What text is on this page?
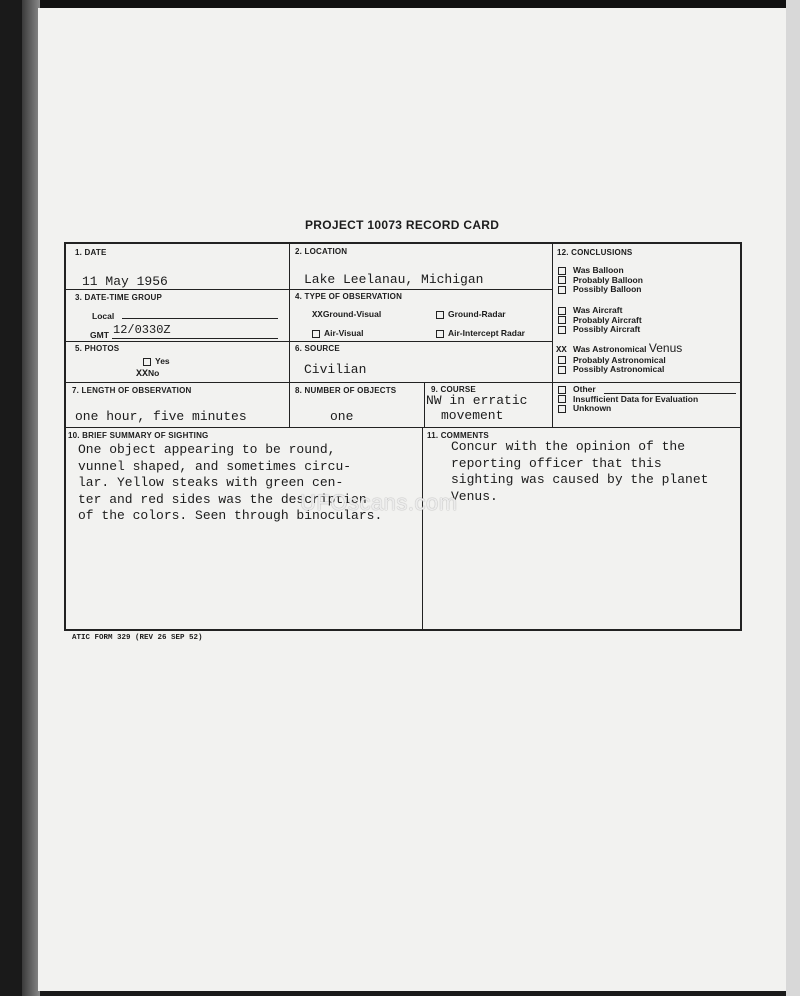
PROJECT 10073 RECORD CARD
1. DATE
11 May 1956
2. LOCATION
Lake Leelanau, Michigan
3. DATE-TIME GROUP
Local
GMT 12/0330Z
4. TYPE OF OBSERVATION
XXGround-Visual	Ground-Radar
Air-Visual	Air-Intercept Radar
5. PHOTOS
Yes
XXNo
6. SOURCE
Civilian
7. LENGTH OF OBSERVATION
one hour, five minutes
8. NUMBER OF OBJECTS
one
9. COURSE
NW in erratic
movement
10. BRIEF SUMMARY OF SIGHTING
One object appearing to be round,
vunnel shaped, and sometimes circu-
lar. Yellow steaks with green cen-
ter and red sides was the description
of the colors. Seen through binoculars.
11. COMMENTS
Concur with the opinion of the
reporting officer that this
sighting was caused by the planet
Venus.
12. CONCLUSIONS
Was Balloon
Probably Balloon
Possibly Balloon
Was Aircraft
Probably Aircraft
Possibly Aircraft
XX Was Astronomical Venus
Probably Astronomical
Possibly Astronomical
Other
Insufficient Data for Evaluation
Unknown
ATIC FORM 329 (REV 26 SEP 52)
UFOscans.com
